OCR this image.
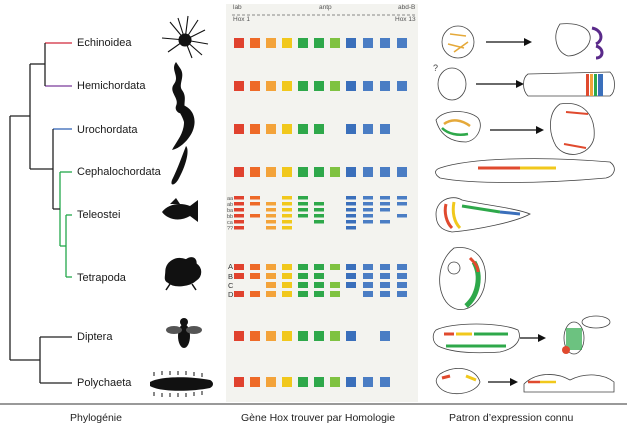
lab
Hox 1
antp	abd-B
Hox 13
Echinoidea
Hemichordata
Urochordata
Cephalochordata
Teleostei
Tetrapoda
Diptera
Polychaeta
aa
ab
ba
bb
ca
??
A
B
C
D
?
Phylogénie	Gène Hox trouver par Homologie	Patron d’expression connu
